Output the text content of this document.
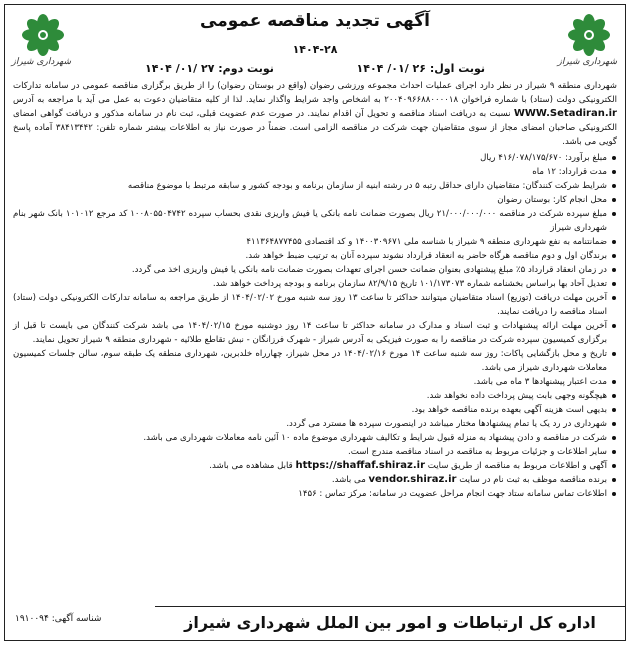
شهرداری شیراز
شهرداری شیراز
آگهی تجدید مناقصه عمومی
۱۴۰۴-۲۸
نوبت اول: ۲۶ /۰۱/ ۱۴۰۴
نوبت دوم: ۲۷ /۰۱/ ۱۴۰۴

شهرداری منطقه ۹ شیراز در نظر دارد اجرای عملیات احداث مجموعه ورزشی رضوان (واقع در بوستان رضوان) را از طریق برگزاری مناقصه عمومی در سامانه تدارکات الکترونیکی دولت (ستاد) با شماره فراخوان ۲۰۰۴۰۹۶۶۸۸۰۰۰۰۱۸ به اشخاص واجد شرایط واگذار نماید. لذا از کلیه متقاضیان دعوت به عمل می آید با مراجعه به آدرس WWW.Setadiran.ir نسبت به دریافت اسناد مناقصه و تحویل آن اقدام نمایند. در صورت عدم عضویت قبلی، ثبت نام در سامانه مذکور و دریافت گواهی امضای الکترونیکی صاحبان امضای مجاز از سوی متقاضیان جهت شرکت در مناقصه الزامی است. ضمناً در صورت نیاز به اطلاعات بیشتر شماره تلفن: ۳۸۴۱۳۴۴۲ آماده پاسخ گویی می باشد.

مبلغ برآورد: ۴۱۶/۰۷۸/۱۷۵/۶۷۰ ریال
مدت قرارداد: ۱۲ ماه
شرایط شرکت کنندگان: متقاضیان دارای حداقل رتبه ۵ در رشته ابنیه از سازمان برنامه و بودجه کشور و سابقه مرتبط با موضوع مناقصه
محل انجام کار: بوستان رضوان
مبلغ سپرده شرکت در مناقصه ۲۱/۰۰۰/۰۰۰/۰۰۰ ریال بصورت ضمانت نامه بانکی یا فیش واریزی نقدی بحساب سپرده ۱۰۰۸۰۵۵۰۴۷۴۲ کد مرجع ۱۰۱۰۱۲ بانک شهر بنام شهرداری شیراز
ضمانتنامه به نفع شهرداری منطقه ۹ شیراز با شناسه ملی ۱۴۰۰۳۰۹۶۷۱ و کد اقتصادی ۴۱۱۳۶۴۸۷۷۴۵۵
برندگان اول و دوم مناقصه هرگاه حاضر به انعقاد قرارداد نشوند سپرده آنان به ترتیب ضبط خواهد شد.
در زمان انعقاد قرارداد ۵٪ مبلغ پیشنهادی بعنوان ضمانت حسن اجرای تعهدات بصورت ضمانت نامه بانکی یا فیش واریزی اخذ می گردد.
تعدیل آحاد بها براساس بخشنامه شماره ۱۰۱/۱۷۳۰۷۳ تاریخ ۸۲/۹/۱۵ سازمان برنامه و بودجه پرداخت خواهد شد.
آخرین مهلت دریافت (توزیع) اسناد متقاضیان میتوانند حداکثر تا ساعت ۱۳ روز سه شنبه مورخ ۱۴۰۴/۰۲/۰۲ از طریق مراجعه به سامانه تدارکات الکترونیکی دولت (ستاد) اسناد مناقصه را دریافت نمایند.
آخرین مهلت ارائه پیشنهادات و ثبت اسناد و مدارک در سامانه حداکثر تا ساعت ۱۴ روز دوشنبه مورخ ۱۴۰۴/۰۲/۱۵ می باشد شرکت کنندگان می بایست تا قبل از برگزاری کمیسیون سپرده شرکت در مناقصه را به صورت فیزیکی به آدرس شیراز - شهرک فرزانگان - نبش تقاطع طلائیه - شهرداری منطقه ۹ شیراز تحویل نمایند.
تاریخ و محل بازگشایی پاکات: روز سه شنبه ساعت ۱۴ مورخ ۱۴۰۴/۰۲/۱۶ در محل شیراز، چهارراه خلدبرین، شهرداری منطقه یک طبقه سوم، سالن جلسات کمیسیون معاملات شهرداری شیراز می باشد.
مدت اعتبار پیشنهادها ۳ ماه می باشد.
هیچگونه وجهی بابت پیش پرداخت داده نخواهد شد.
بدیهی است هزینه آگهی بعهده برنده مناقصه خواهد بود.
شهرداری در رد یک یا تمام پیشنهادها مختار میباشد در اینصورت سپرده ها مسترد می گردد.
شرکت در مناقصه و دادن پیشنهاد به منزله قبول شرایط و تکالیف شهرداری موضوع ماده ۱۰ آئین نامه معاملات شهرداری می باشد.
سایر اطلاعات و جزئیات مربوط به مناقصه در اسناد مناقصه مندرج است.
آگهی و اطلاعات مربوط به مناقصه از طریق سایت https://shaffaf.shiraz.ir قابل مشاهده می باشد.
برنده مناقصه موظف به ثبت نام در سایت vendor.shiraz.ir می باشد.
اطلاعات تماس سامانه ستاد جهت انجام مراحل عضویت در سامانه: مرکز تماس : ۱۴۵۶
اداره کل ارتباطات و امور بین الملل شهرداری شیراز
شناسه آگهی: ۱۹۱۰۰۹۴
